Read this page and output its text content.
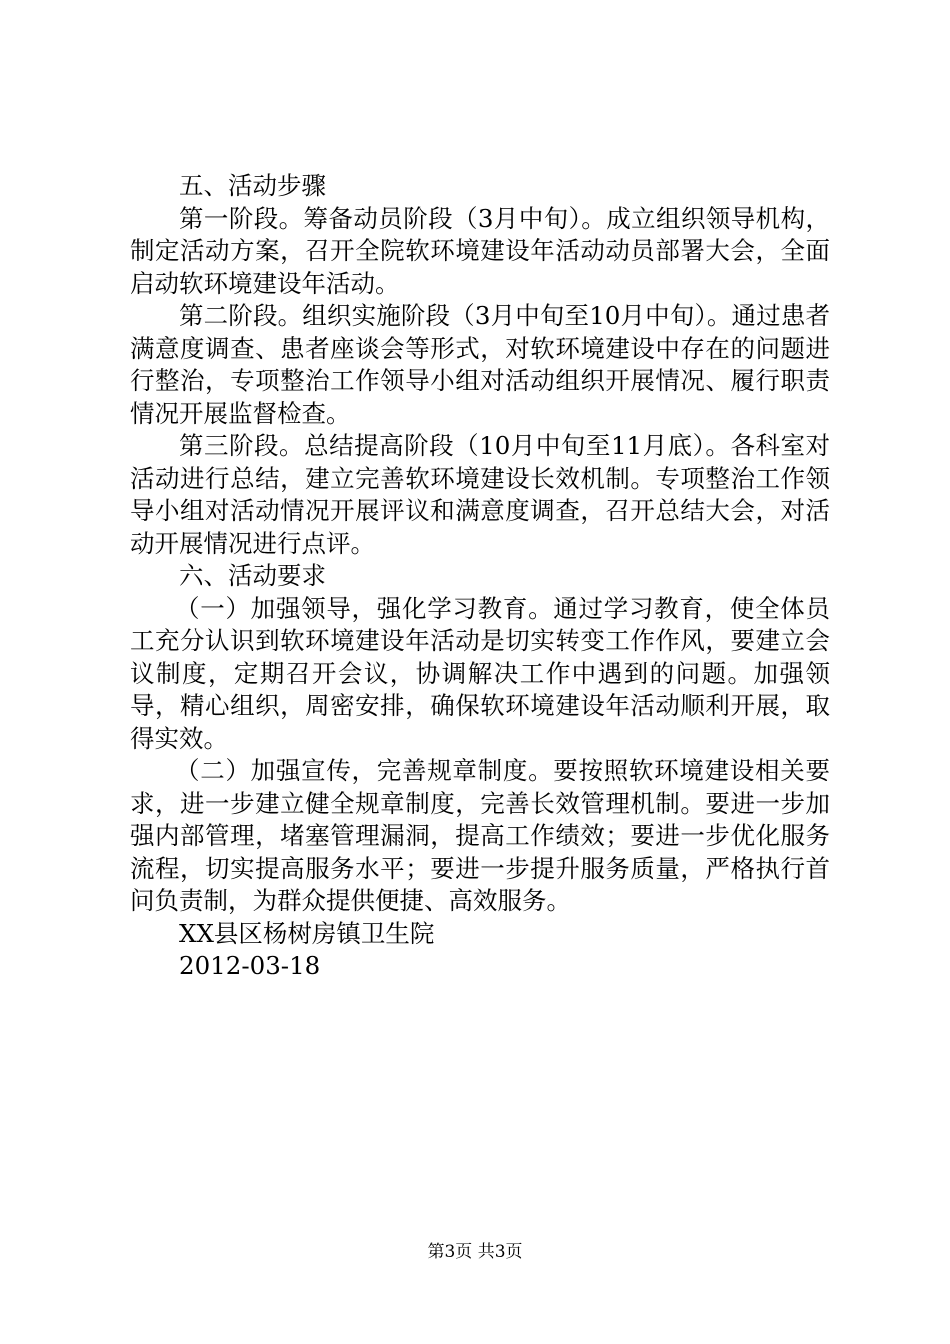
五、活动步骤

第一阶段。筹备动员阶段（3月中旬）。成立组织领导机构，制定活动方案，召开全院软环境建设年活动动员部署大会，全面启动软环境建设年活动。

第二阶段。组织实施阶段（3月中旬至10月中旬）。通过患者满意度调查、患者座谈会等形式，对软环境建设中存在的问题进行整治，专项整治工作领导小组对活动组织开展情况、履行职责情况开展监督检查。

第三阶段。总结提高阶段（10月中旬至11月底）。各科室对活动进行总结，建立完善软环境建设长效机制。专项整治工作领导小组对活动情况开展评议和满意度调查，召开总结大会，对活动开展情况进行点评。

六、活动要求

（一）加强领导，强化学习教育。通过学习教育，使全体员工充分认识到软环境建设年活动是切实转变工作作风，要建立会议制度，定期召开会议，协调解决工作中遇到的问题。加强领导，精心组织，周密安排，确保软环境建设年活动顺利开展，取得实效。

（二）加强宣传，完善规章制度。要按照软环境建设相关要求，进一步建立健全规章制度，完善长效管理机制。要进一步加强内部管理，堵塞管理漏洞，提高工作绩效；要进一步优化服务流程，切实提高服务水平；要进一步提升服务质量，严格执行首问负责制，为群众提供便捷、高效服务。

XX县区杨树房镇卫生院

2012-03-18

第3页 共3页
